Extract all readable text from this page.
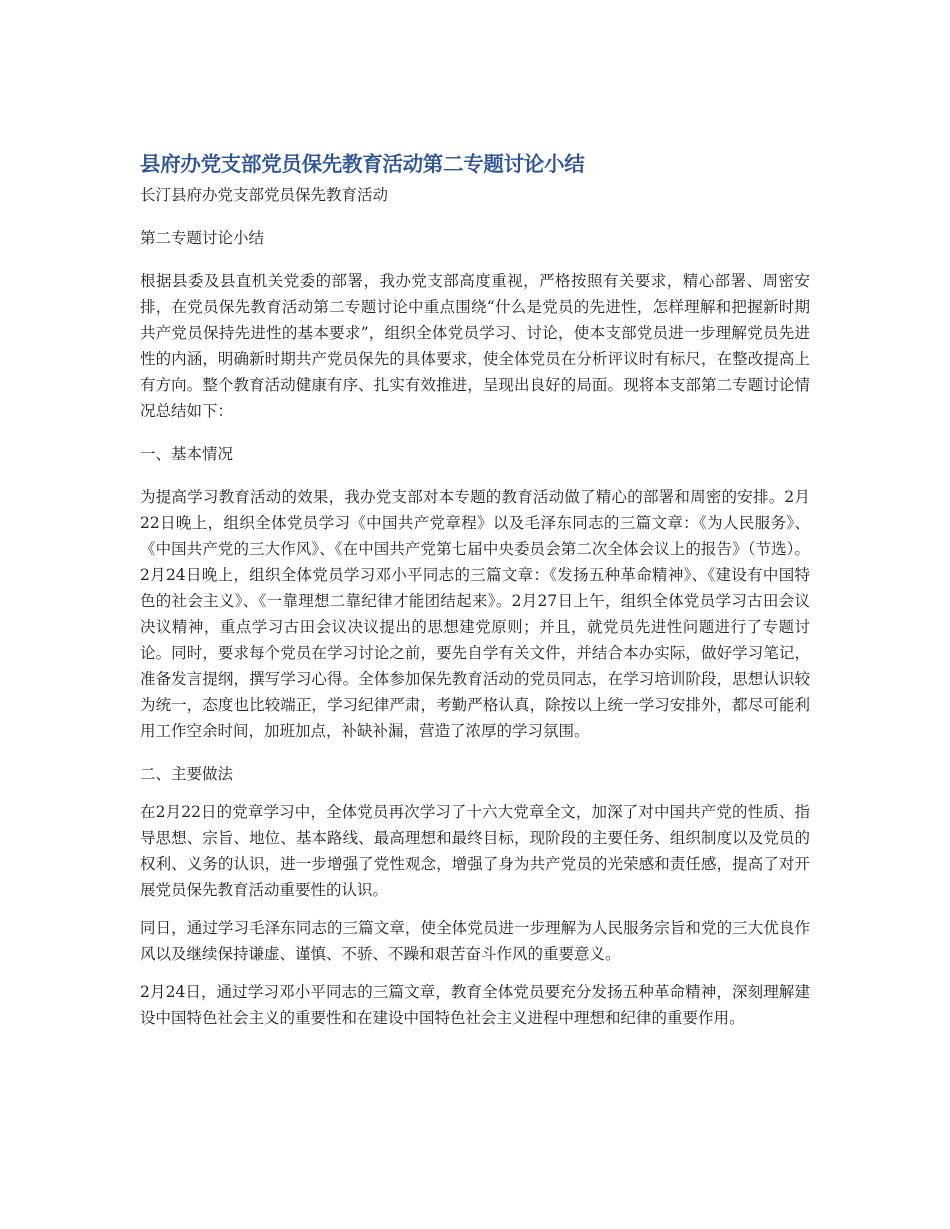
县府办党支部党员保先教育活动第二专题讨论小结

长汀县府办党支部党员保先教育活动

第二专题讨论小结

根据县委及县直机关党委的部署，我办党支部高度重视，严格按照有关要求，精心部署、周密安排，在党员保先教育活动第二专题讨论中重点围绕“什么是党员的先进性，怎样理解和把握新时期共产党员保持先进性的基本要求”，组织全体党员学习、讨论，使本支部党员进一步理解党员先进性的内涵，明确新时期共产党员保先的具体要求，使全体党员在分析评议时有标尺，在整改提高上有方向。整个教育活动健康有序、扎实有效推进，呈现出良好的局面。现将本支部第二专题讨论情况总结如下：

一、基本情况

为提高学习教育活动的效果，我办党支部对本专题的教育活动做了精心的部署和周密的安排。2月22日晚上，组织全体党员学习《中国共产党章程》以及毛泽东同志的三篇文章：《为人民服务》、《中国共产党的三大作风》、《在中国共产党第七届中央委员会第二次全体会议上的报告》（节选）。2月24日晚上，组织全体党员学习邓小平同志的三篇文章：《发扬五种革命精神》、《建设有中国特色的社会主义》、《一靠理想二靠纪律才能团结起来》。2月27日上午，组织全体党员学习古田会议决议精神，重点学习古田会议决议提出的思想建党原则；并且，就党员先进性问题进行了专题讨论。同时，要求每个党员在学习讨论之前，要先自学有关文件，并结合本办实际，做好学习笔记，准备发言提纲，撰写学习心得。全体参加保先教育活动的党员同志，在学习培训阶段，思想认识较为统一，态度也比较端正，学习纪律严肃，考勤严格认真，除按以上统一学习安排外，都尽可能利用工作空余时间，加班加点，补缺补漏，营造了浓厚的学习氛围。

二、主要做法

在2月22日的党章学习中，全体党员再次学习了十六大党章全文，加深了对中国共产党的性质、指导思想、宗旨、地位、基本路线、最高理想和最终目标，现阶段的主要任务、组织制度以及党员的权利、义务的认识，进一步增强了党性观念，增强了身为共产党员的光荣感和责任感，提高了对开展党员保先教育活动重要性的认识。

同日，通过学习毛泽东同志的三篇文章，使全体党员进一步理解为人民服务宗旨和党的三大优良作风以及继续保持谦虚、谨慎、不骄、不躁和艰苦奋斗作风的重要意义。

2月24日，通过学习邓小平同志的三篇文章，教育全体党员要充分发扬五种革命精神，深刻理解建设中国特色社会主义的重要性和在建设中国特色社会主义进程中理想和纪律的重要作用。
